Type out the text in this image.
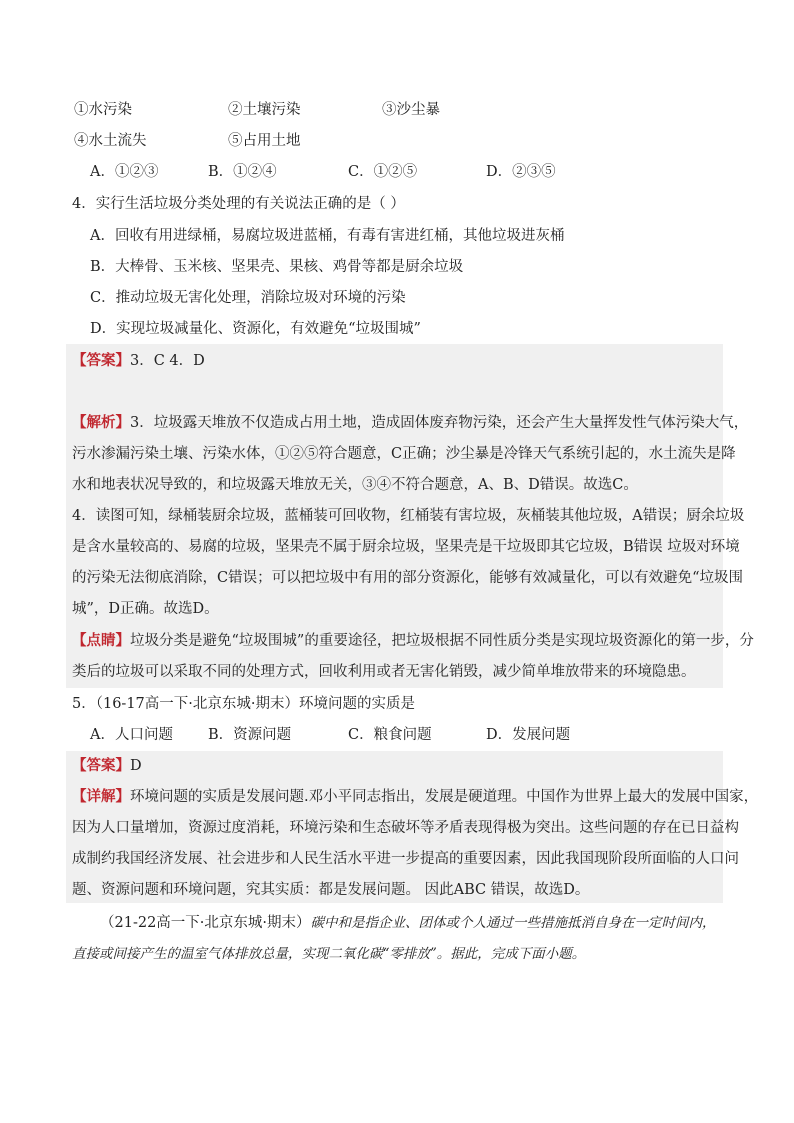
①水污染	②土壤污染	③沙尘暴
④水土流失	⑤占用土地
A．①②③	B．①②④	C．①②⑤	D．②③⑤
4．实行生活垃圾分类处理的有关说法正确的是（ ）
A．回收有用进绿桶，易腐垃圾进蓝桶，有毒有害进红桶，其他垃圾进灰桶
B．大棒骨、玉米核、坚果壳、果核、鸡骨等都是厨余垃圾
C．推动垃圾无害化处理，消除垃圾对环境的污染
D．实现垃圾减量化、资源化，有效避免“垃圾围城”
【答案】3．C 4．D
【解析】3．垃圾露天堆放不仅造成占用土地，造成固体废弃物污染，还会产生大量挥发性气体污染大气，
污水渗漏污染土壤、污染水体，①②⑤符合题意，C正确；沙尘暴是冷锋天气系统引起的，水土流失是降
水和地表状况导致的，和垃圾露天堆放无关，③④不符合题意，A、B、D错误。故选C。
4．读图可知，绿桶装厨余垃圾，蓝桶装可回收物，红桶装有害垃圾，灰桶装其他垃圾，A错误；厨余垃圾
是含水量较高的、易腐的垃圾，坚果壳不属于厨余垃圾，坚果壳是干垃圾即其它垃圾，B错误 垃圾对环境
的污染无法彻底消除，C错误；可以把垃圾中有用的部分资源化，能够有效减量化，可以有效避免“垃圾围
城”，D正确。故选D。
【点睛】垃圾分类是避免“垃圾围城”的重要途径，把垃圾根据不同性质分类是实现垃圾资源化的第一步，分
类后的垃圾可以采取不同的处理方式，回收利用或者无害化销毁，减少简单堆放带来的环境隐患。
5．（16-17高一下·北京东城·期末）环境问题的实质是
A．人口问题 B．资源问题	C．粮食问题	D．发展问题
【答案】D
【详解】环境问题的实质是发展问题.邓小平同志指出，发展是硬道理。中国作为世界上最大的发展中国家，
因为人口量增加，资源过度消耗，环境污染和生态破坏等矛盾表现得极为突出。这些问题的存在已日益构
成制约我国经济发展、社会进步和人民生活水平进一步提高的重要因素，因此我国现阶段所面临的人口问
题、资源问题和环境问题，究其实质：都是发展问题。 因此ABC 错误，故选D。
（21-22高一下·北京东城·期末）碳中和是指企业、团体或个人通过一些措施抵消自身在一定时间内，
直接或间接产生的温室气体排放总量，实现二氧化碳“零排放”。据此，完成下面小题。
